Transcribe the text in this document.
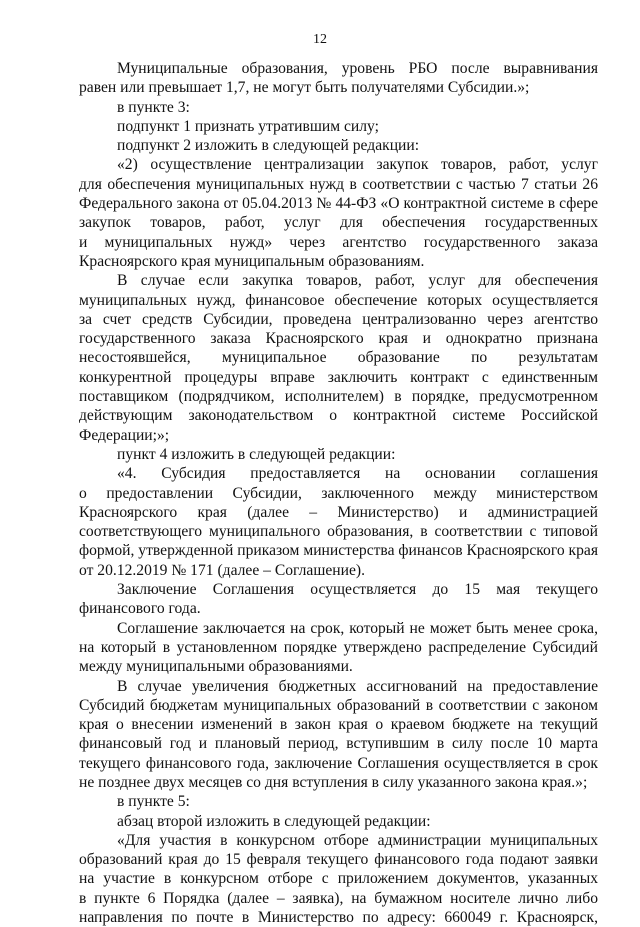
12
Муниципальные образования, уровень РБО после выравнивания
равен или превышает 1,7, не могут быть получателями Субсидии.»;
в пункте 3:
подпункт 1 признать утратившим силу;
подпункт 2 изложить в следующей редакции:
«2) осуществление централизации закупок товаров, работ, услуг
для обеспечения муниципальных нужд в соответствии с частью 7 статьи 26
Федерального закона от 05.04.2013 № 44-ФЗ «О контрактной системе в сфере
закупок товаров, работ, услуг для обеспечения государственных
и муниципальных нужд» через агентство государственного заказа
Красноярского края муниципальным образованиям.
В случае если закупка товаров, работ, услуг для обеспечения
муниципальных нужд, финансовое обеспечение которых осуществляется
за счет средств Субсидии, проведена централизованно через агентство
государственного заказа Красноярского края и однократно признана
несостоявшейся, муниципальное образование по результатам
конкурентной процедуры вправе заключить контракт с единственным
поставщиком (подрядчиком, исполнителем) в порядке, предусмотренном
действующим законодательством о контрактной системе Российской
Федерации;»;
пункт 4 изложить в следующей редакции:
«4. Субсидия предоставляется на основании соглашения
о предоставлении Субсидии, заключенного между министерством
Красноярского края (далее – Министерство) и администрацией
соответствующего муниципального образования, в соответствии с типовой
формой, утвержденной приказом министерства финансов Красноярского края
от 20.12.2019 № 171 (далее – Соглашение).
Заключение Соглашения осуществляется до 15 мая текущего
финансового года.
Соглашение заключается на срок, который не может быть менее срока,
на который в установленном порядке утверждено распределение Субсидий
между муниципальными образованиями.
В случае увеличения бюджетных ассигнований на предоставление
Субсидий бюджетам муниципальных образований в соответствии с законом
края о внесении изменений в закон края о краевом бюджете на текущий
финансовый год и плановый период, вступившим в силу после 10 марта
текущего финансового года, заключение Соглашения осуществляется в срок
не позднее двух месяцев со дня вступления в силу указанного закона края.»;
в пункте 5:
абзац второй изложить в следующей редакции:
«Для участия в конкурсном отборе администрации муниципальных
образований края до 15 февраля текущего финансового года подают заявки
на участие в конкурсном отборе с приложением документов, указанных
в пункте 6 Порядка (далее – заявка), на бумажном носителе лично либо
направления по почте в Министерство по адресу: 660049 г. Красноярск,
